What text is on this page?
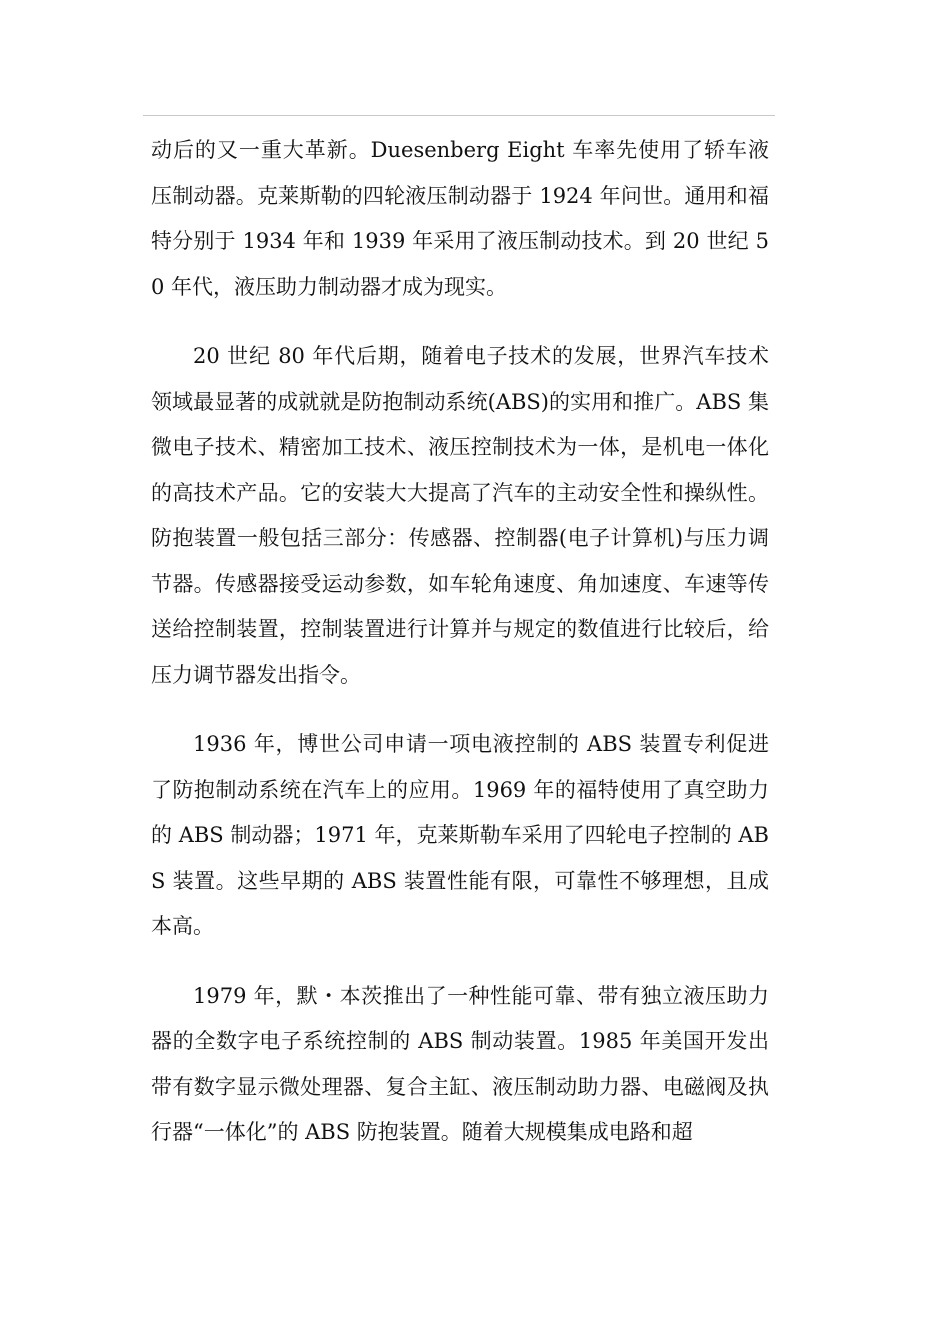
动后的又一重大革新。Duesenberg Eight 车率先使用了轿车液压制动器。克莱斯勒的四轮液压制动器于 1924 年问世。通用和福特分别于 1934 年和 1939 年采用了液压制动技术。到 20 世纪 50 年代，液压助力制动器才成为现实。

20 世纪 80 年代后期，随着电子技术的发展，世界汽车技术领域最显著的成就就是防抱制动系统(ABS)的实用和推广。ABS 集微电子技术、精密加工技术、液压控制技术为一体，是机电一体化的高技术产品。它的安装大大提高了汽车的主动安全性和操纵性。防抱装置一般包括三部分：传感器、控制器(电子计算机)与压力调节器。传感器接受运动参数，如车轮角速度、角加速度、车速等传送给控制装置，控制装置进行计算并与规定的数值进行比较后，给压力调节器发出指令。

1936 年，博世公司申请一项电液控制的 ABS 装置专利促进了防抱制动系统在汽车上的应用。1969 年的福特使用了真空助力的 ABS 制动器；1971 年，克莱斯勒车采用了四轮电子控制的 ABS 装置。这些早期的 ABS 装置性能有限，可靠性不够理想，且成本高。

1979 年，默・本茨推出了一种性能可靠、带有独立液压助力器的全数字电子系统控制的 ABS 制动装置。1985 年美国开发出带有数字显示微处理器、复合主缸、液压制动助力器、电磁阀及执行器“一体化”的 ABS 防抱装置。随着大规模集成电路和超
